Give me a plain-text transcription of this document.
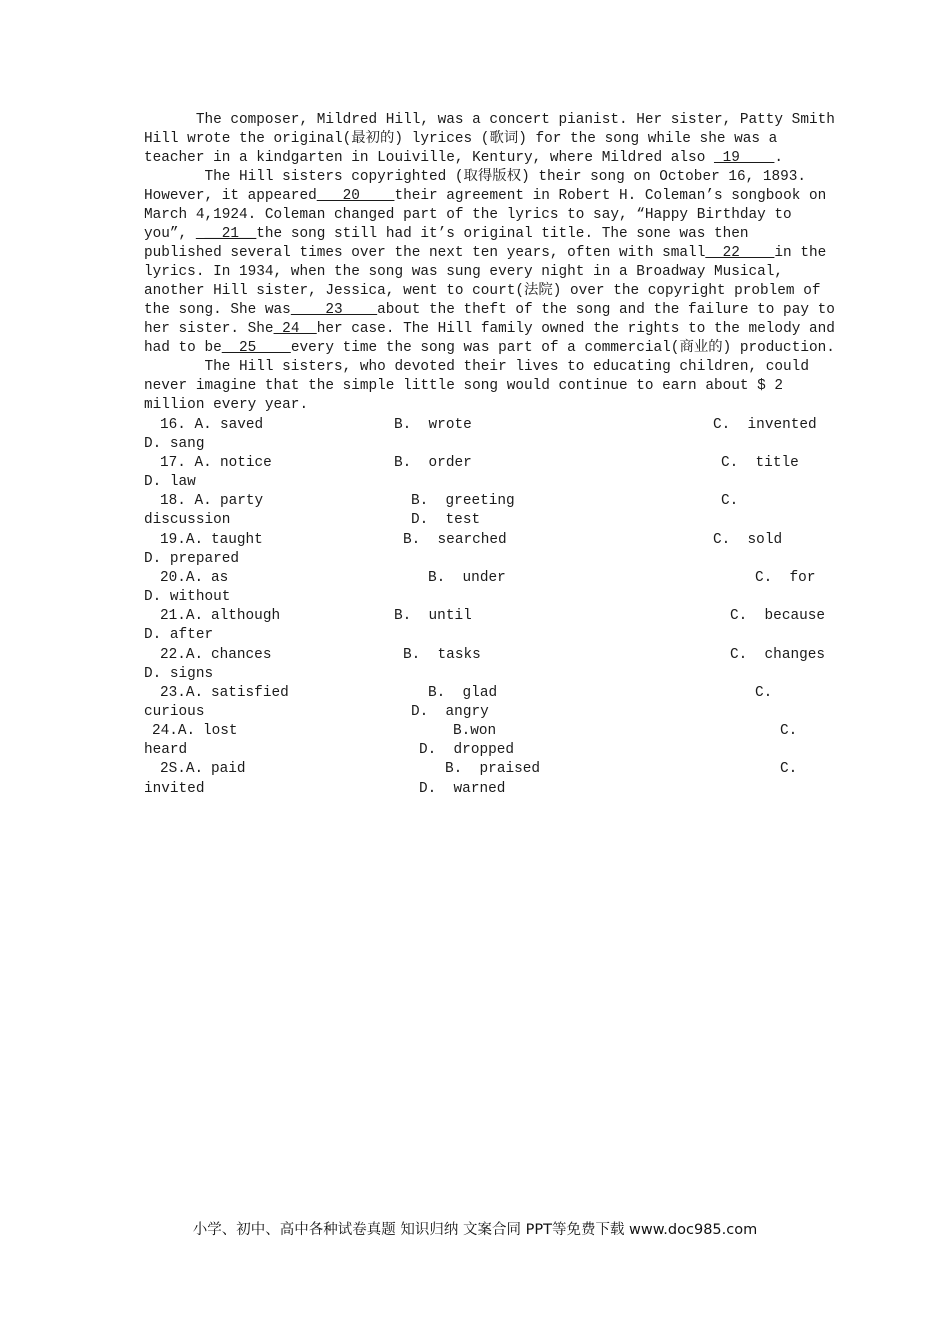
The composer, Mildred Hill, was a concert pianist. Her sister, Patty Smith
Hill wrote the original(最初的) lyrices (歌词) for the song while she was a
teacher in a kindgarten in Louiville, Kentury, where Mildred also  19    .
The Hill sisters copyrighted (取得版权) their song on October 16, 1893.
However, it appeared   20    their agreement in Robert H. Coleman’s songbook on
March 4,1924. Coleman changed part of the lyrics to say, “Happy Birthday to
you”,  __21__the song still had it’s original title. The sone was then
published several times over the next ten years, often with small  22    in the
lyrics. In 1934, when the song was sung every night in a Broadway Musical,
another Hill sister, Jessica, went to court(法院) over the copyright problem of
the song. She was    23    about the theft of the song and the failure to pay to
her sister. She 24  her case. The Hill family owned the rights to the melody and
had to be  25    every time the song was part of a commercial(商业的) production.
The Hill sisters, who devoted their lives to educating children, could
never imagine that the simple little song would continue to earn about $ 2
million every year.
16. A. saved	B.  wrote	C.  invented
D. sang
17. A. notice	B.  order	C.  title
D. law
18. A. party	B.  greeting	C.
discussion	D.  test
19.A. taught	B.  searched	C.  sold
D. prepared
20.A. as	B.  under	C.  for
D. without
21.A. although	B.  until	C.  because
D. after
22.A. chances	B.  tasks	C.  changes
D. signs
23.A. satisfied	B.  glad	C.
curious	D.  angry
24.A. lost	B.won	C.
heard	D.  dropped
2S.A. paid	B.  praised	C.
invited	D.  warned
小学、初中、高中各种试卷真题 知识归纳 文案合同 PPT等免费下载 www.doc985.com
